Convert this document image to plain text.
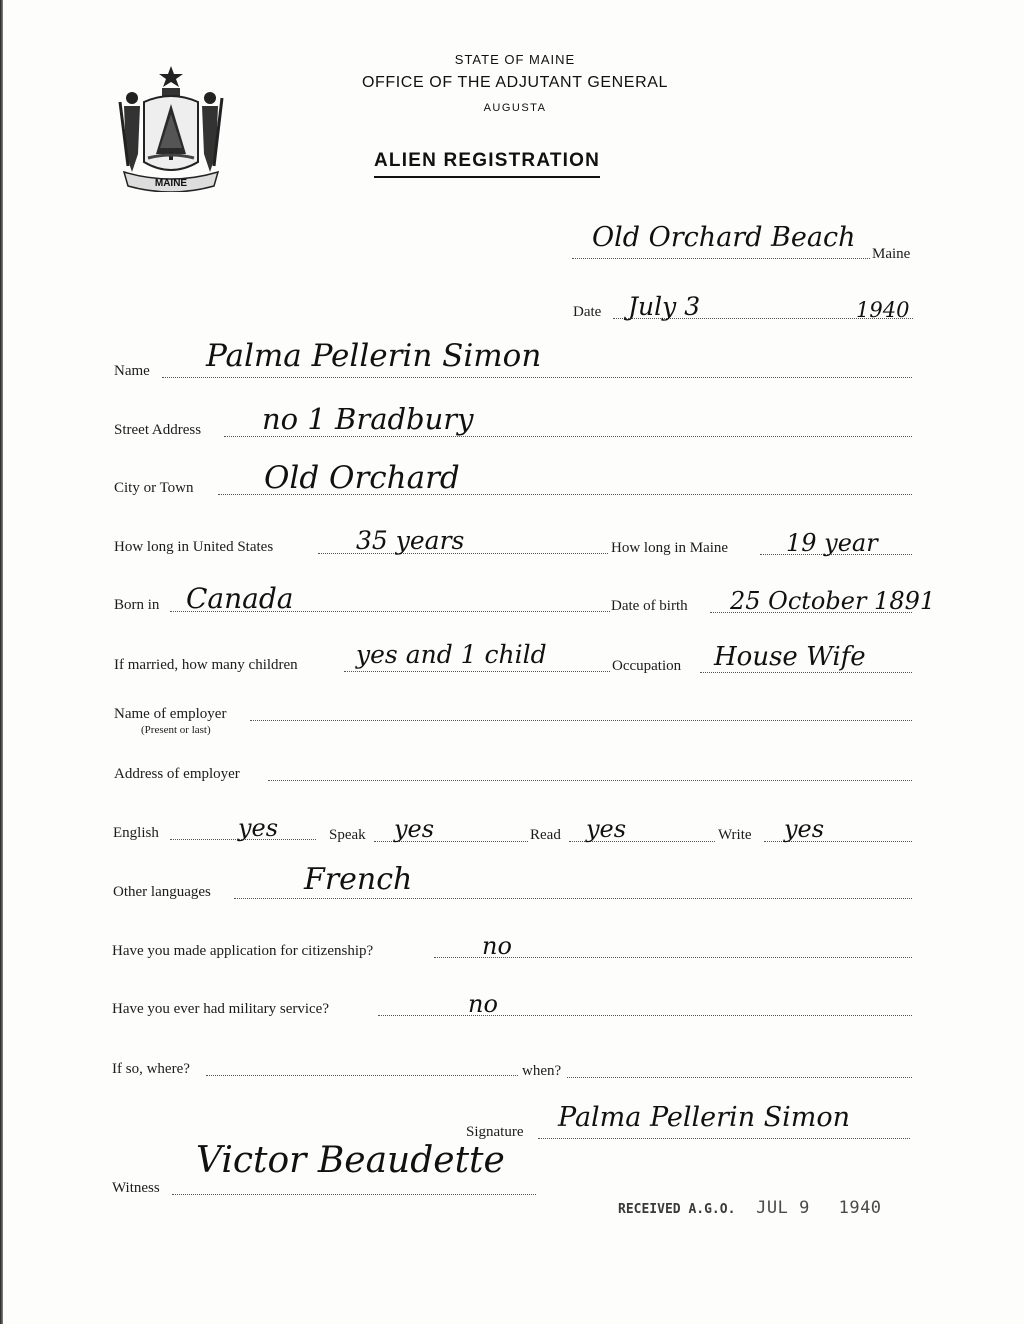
MAINE
STATE OF MAINE
OFFICE OF THE ADJUTANT GENERAL
AUGUSTA
ALIEN REGISTRATION
Old Orchard Beach
Maine
Date July 3	1940
Name Palma Pellerin Simon
Street Address no 1 Bradbury
City or Town Old Orchard
How long in United States	35 years	How long in Maine 19 year
Born in Canada	Date of birth 25 October 1891
If married, how many children yes and 1 child	Occupation House Wife
Name of employer
(Present or last)
Address of employer
English	yes	Speak yes	Read yes	Write yes
Other languages	French
Have you made application for citizenship?	no
Have you ever had military service?	no
If so, where?	when?
Signature Palma Pellerin Simon
Witness
Victor Beaudette
RECEIVED A.G.O. JUL 9 1940
